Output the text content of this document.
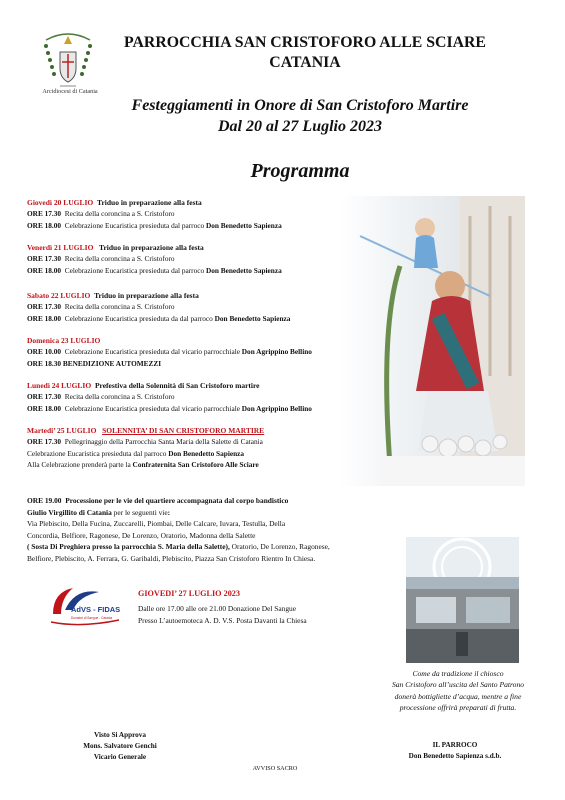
Arcidiocesi di Catania
PARROCCHIA SAN CRISTOFORO ALLE SCIARE
CATANIA
Festeggiamenti in Onore di San Cristoforo Martire
Dal 20 al 27 Luglio 2023
Programma
Giovedì 20 LUGLIO Triduo in preparazione alla festa
ORE 17.30 Recita della coroncina a S. Cristoforo
ORE 18.00 Celebrazione Eucaristica presieduta dal parroco Don Benedetto Sapienza
Venerdì 21 LUGLIO Triduo in preparazione alla festa
ORE 17.30 Recita della coroncina a S. Cristoforo
ORE 18.00 Celebrazione Eucaristica presieduta dal parroco Don Benedetto Sapienza
Sabato 22 LUGLIO Triduo in preparazione alla festa
ORE 17.30 Recita della coroncina a S. Cristoforo
ORE 18.00 Celebrazione Eucaristica presieduta da dal parroco Don Benedetto Sapienza
Domenica 23 LUGLIO
ORE 10.00 Celebrazione Eucaristica presieduta dal vicario parrocchiale Don Agrippino Bellino
ORE 18.30 BENEDIZIONE AUTOMEZZI
Lunedì 24 LUGLIO Prefestiva della Solennità di San Cristoforo martire
ORE 17.30 Recita della coroncina a S. Cristoforo
ORE 18.00 Celebrazione Eucaristica presieduta dal vicario parrocchiale Don Agrippino Bellino
Martedi’ 25 LUGLIO SOLENNITA’ DI SAN CRISTOFORO MARTIRE
ORE 17.30 Pellegrinaggio della Parrocchia Santa Maria della Salette di Catania
Celebrazione Eucaristica presieduta dal parroco Don Benedetto Sapienza
Alla Celebrazione prenderà parte la Confraternita San Cristoforo Alle Sciare
ORE 19.00 Processione per le vie del quartiere accompagnata dal corpo bandistico
Giulio Virgillito di Catania per le seguenti vie:
Via Plebiscito, Della Fucina, Zuccarelli, Piombai, Delle Calcare, Iuvara, Testulla, Della
Concordia, Belfiore, Ragonese, De Lorenzo, Oratorio, Madonna della Salette
( Sosta Di Preghiera presso la parrocchia S. Maria della Salette), Oratorio, De Lorenzo, Ragonese,
Belfiore, Plebiscito, A. Ferrara, G. Garibaldi, Plebiscito, Piazza San Cristoforo Rientro In Chiesa.
AdVS - FIDAS
Donatori di Sangue - Catania
GIOVEDI’ 27 LUGLIO 2023
Dalle ore 17.00 alle ore 21.00 Donazione Del Sangue
Presso L’autoemoteca A. D. V.S. Posta Davanti la Chiesa
Come da tradizione il chiosco
San Cristoforo all’uscita del Santo Patrono
donerà bottigliette d’acqua, mentre a fine
processione offrirà preparati di frutta.
Visto Si Approva
Mons. Salvatore Genchi
Vicario Generale
AVVISO SACRO
IL PARROCO
Don Benedetto Sapienza s.d.b.
